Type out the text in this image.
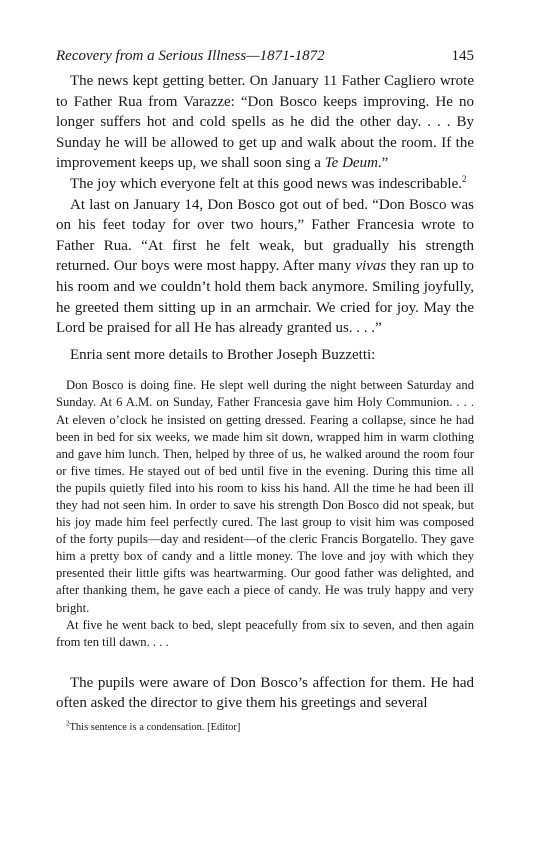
Recovery from a Serious Illness—1871-1872	145

The news kept getting better. On January 11 Father Cagliero wrote to Father Rua from Varazze: “Don Bosco keeps improving. He no longer suffers hot and cold spells as he did the other day. . . . By Sunday he will be allowed to get up and walk about the room. If the improvement keeps up, we shall soon sing a Te Deum.”

The joy which everyone felt at this good news was indescribable.$^2$

At last on January 14, Don Bosco got out of bed. “Don Bosco was on his feet today for over two hours,” Father Francesia wrote to Father Rua. “At first he felt weak, but gradually his strength returned. Our boys were most happy. After many vivas they ran up to his room and we couldn’t hold them back anymore. Smiling joyfully, he greeted them sitting up in an armchair. We cried for joy. May the Lord be praised for all He has already granted us. . . .”

Enria sent more details to Brother Joseph Buzzetti:

Don Bosco is doing fine. He slept well during the night between Saturday and Sunday. At 6 A.M. on Sunday, Father Francesia gave him Holy Communion. . . . At eleven o’clock he insisted on getting dressed. Fearing a collapse, since he had been in bed for six weeks, we made him sit down, wrapped him in warm clothing and gave him lunch. Then, helped by three of us, he walked around the room four or five times. He stayed out of bed until five in the evening. During this time all the pupils quietly filed into his room to kiss his hand. All the time he had been ill they had not seen him. In order to save his strength Don Bosco did not speak, but his joy made him feel perfectly cured. The last group to visit him was composed of the forty pupils—day and resident—of the cleric Francis Borgatello. They gave him a pretty box of candy and a little money. The love and joy with which they presented their little gifts was heartwarming. Our good father was delighted, and after thanking them, he gave each a piece of candy. He was truly happy and very bright.

At five he went back to bed, slept peacefully from six to seven, and then again from ten till dawn. . . .

The pupils were aware of Don Bosco’s affection for them. He had often asked the director to give them his greetings and several

$^2$This sentence is a condensation. [Editor]
